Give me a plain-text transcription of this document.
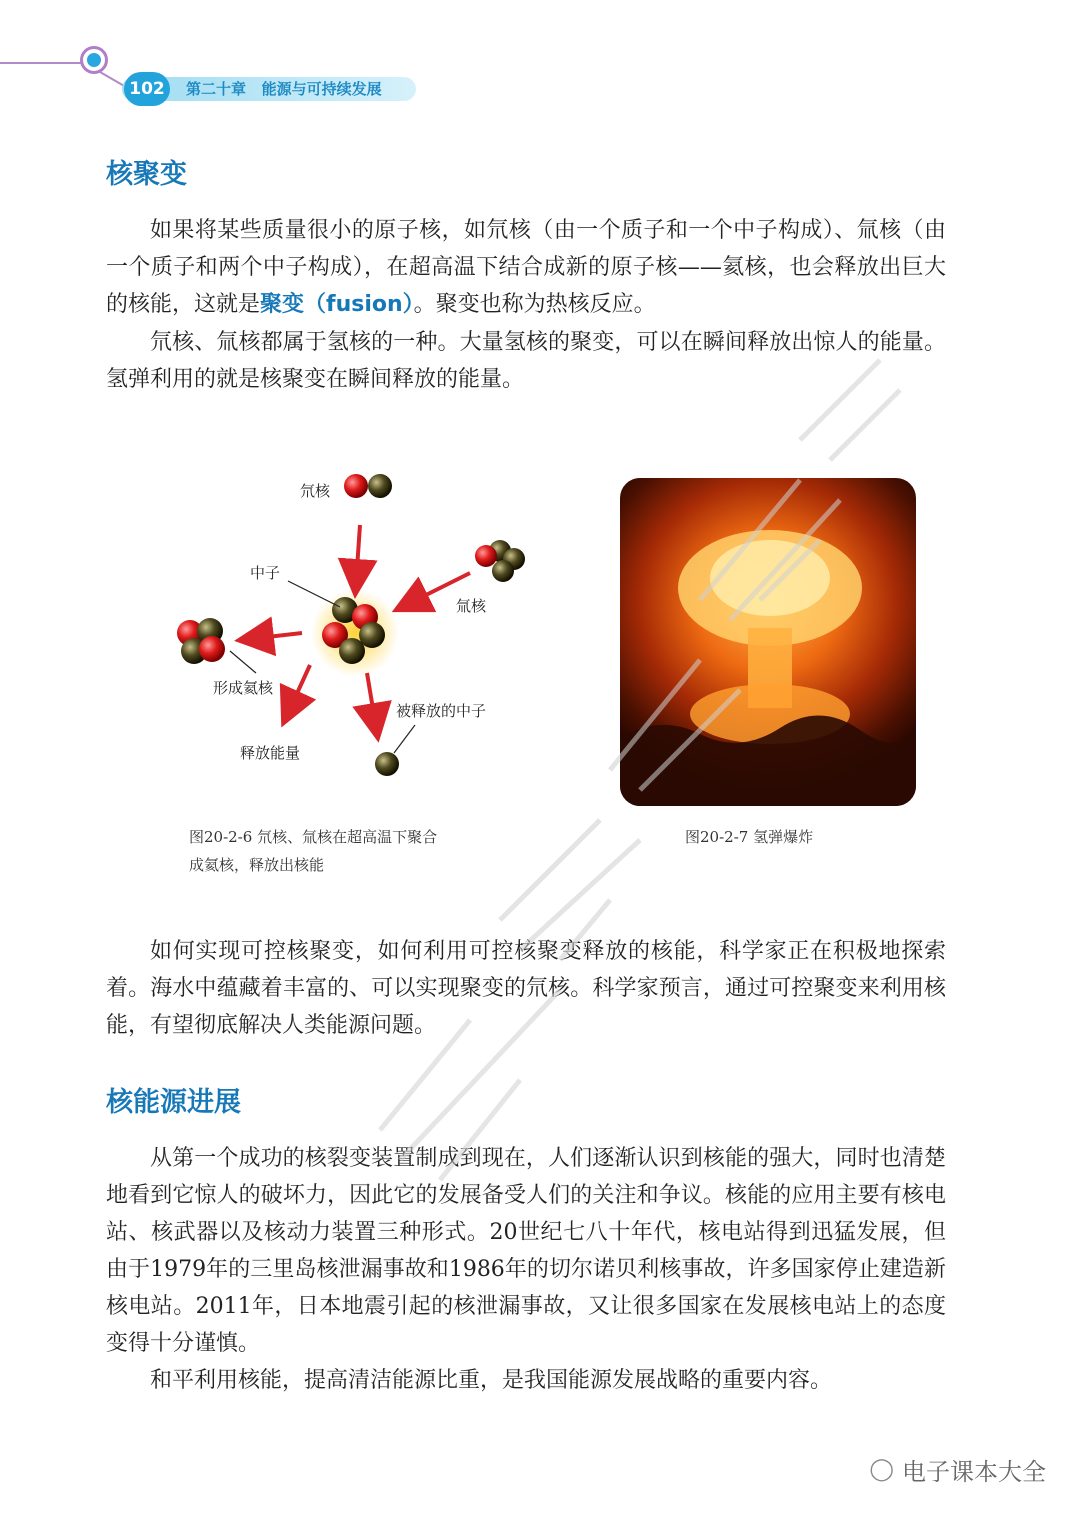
102	第二十章   能源与可持续发展
核聚变

如果将某些质量很小的原子核，如氘核（由一个质子和一个中子构成）、氚核（由一个质子和两个中子构成），在超高温下结合成新的原子核——氦核，也会释放出巨大的核能，这就是聚变（fusion）。聚变也称为热核反应。

氘核、氚核都属于氢核的一种。大量氢核的聚变，可以在瞬间释放出惊人的能量。氢弹利用的就是核聚变在瞬间释放的能量。

氘核
氚核
中子
形成氦核
释放能量
被释放的中子
图20-2-6 氘核、氚核在超高温下聚合
成氦核，释放出核能
图20-2-7 氢弹爆炸

如何实现可控核聚变，如何利用可控核聚变释放的核能，科学家正在积极地探索着。海水中蕴藏着丰富的、可以实现聚变的氘核。科学家预言，通过可控聚变来利用核能，有望彻底解决人类能源问题。

核能源进展

从第一个成功的核裂变装置制成到现在，人们逐渐认识到核能的强大，同时也清楚地看到它惊人的破坏力，因此它的发展备受人们的关注和争议。核能的应用主要有核电站、核武器以及核动力装置三种形式。20世纪七八十年代，核电站得到迅猛发展，但由于1979年的三里岛核泄漏事故和1986年的切尔诺贝利核事故，许多国家停止建造新核电站。2011年，日本地震引起的核泄漏事故，又让很多国家在发展核电站上的态度变得十分谨慎。

和平利用核能，提高清洁能源比重，是我国能源发展战略的重要内容。

◯ 电子课本大全
